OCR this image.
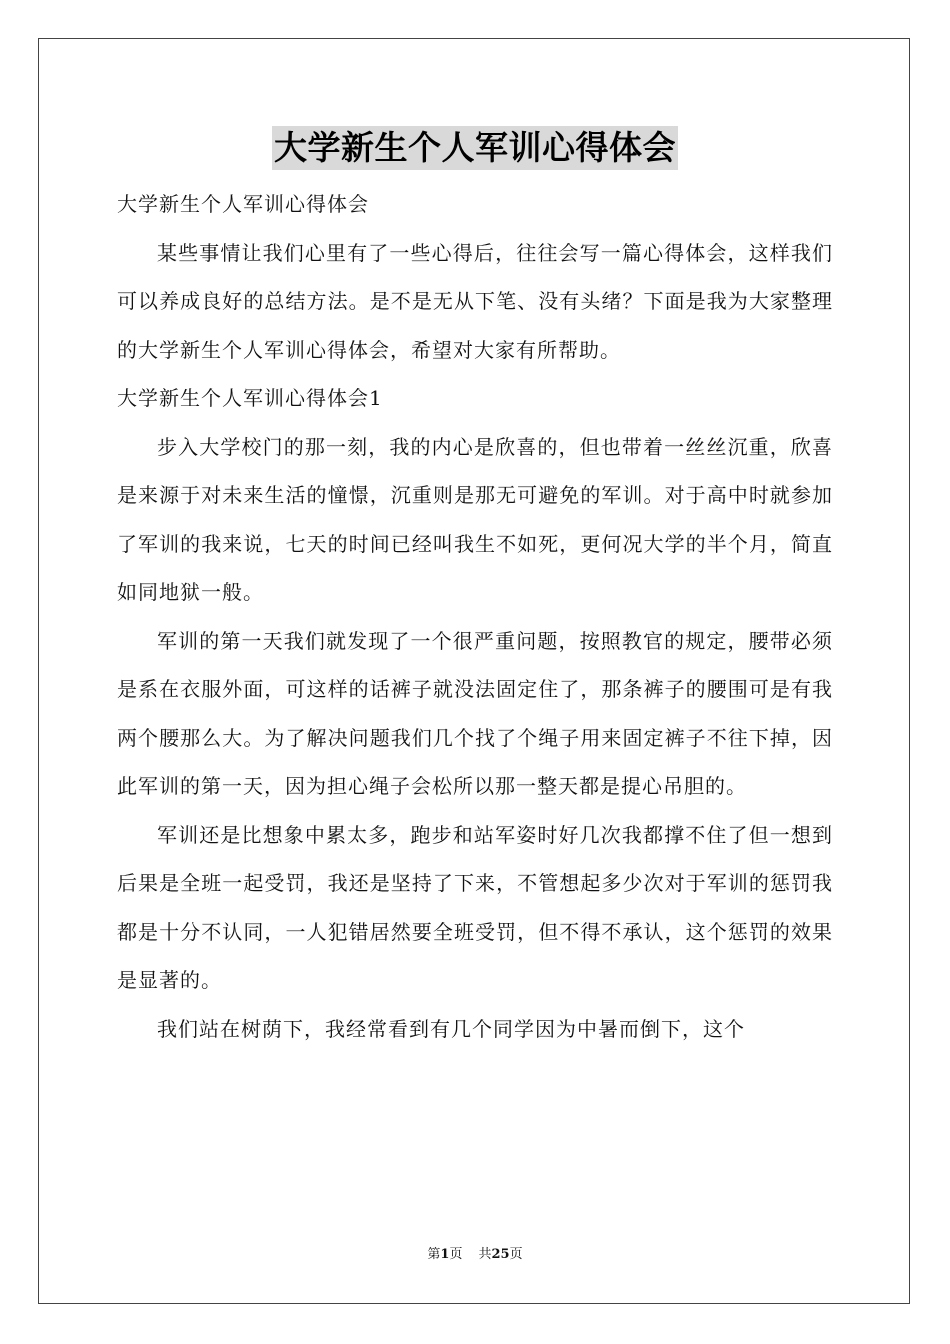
大学新生个人军训心得体会

大学新生个人军训心得体会

某些事情让我们心里有了一些心得后，往往会写一篇心得体会，这样我们可以养成良好的总结方法。是不是无从下笔、没有头绪？下面是我为大家整理的大学新生个人军训心得体会，希望对大家有所帮助。

大学新生个人军训心得体会1

步入大学校门的那一刻，我的内心是欣喜的，但也带着一丝丝沉重，欣喜是来源于对未来生活的憧憬，沉重则是那无可避免的军训。对于高中时就参加了军训的我来说，七天的时间已经叫我生不如死，更何况大学的半个月，简直如同地狱一般。

军训的第一天我们就发现了一个很严重问题，按照教官的规定，腰带必须是系在衣服外面，可这样的话裤子就没法固定住了，那条裤子的腰围可是有我两个腰那么大。为了解决问题我们几个找了个绳子用来固定裤子不往下掉，因此军训的第一天，因为担心绳子会松所以那一整天都是提心吊胆的。

军训还是比想象中累太多，跑步和站军姿时好几次我都撑不住了但一想到后果是全班一起受罚，我还是坚持了下来，不管想起多少次对于军训的惩罚我都是十分不认同，一人犯错居然要全班受罚，但不得不承认，这个惩罚的效果是显著的。

我们站在树荫下，我经常看到有几个同学因为中暑而倒下，这个

第1页 共25页
